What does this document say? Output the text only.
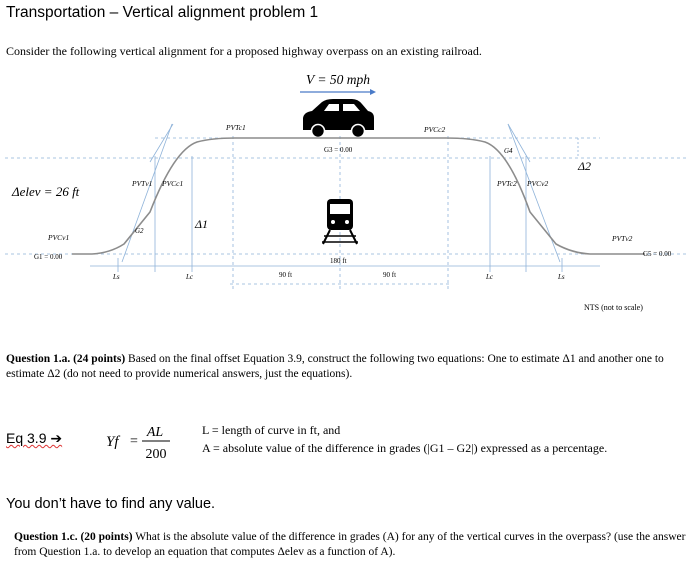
Transportation – Vertical alignment problem 1
Consider the following vertical alignment for a proposed highway overpass on an existing railroad.
V = 50 mph
PVTc1	PVCc2
G3 = 0.00
PVTv1 PVCc1	PVTc2 PVCv2
G4
G2
Δelev = 26 ft
Δ1
Δ2
PVCv1
G1 = 0.00
PVTv2
G5 = 0.00
180 ft
Ls	Lc	90 ft	90 ft	Lc	Ls
NTS (not to scale)
Question 1.a. (24 points) Based on the final offset Equation 3.9, construct the following two equations: One to estimate Δ1 and another one to estimate Δ2 (do not need to provide numerical answers, just the equations).
Eq 3.9 ➔	Yf =
AL
200
L = length of curve in ft, and
A = absolute value of the difference in grades (|G1 – G2|) expressed as a percentage.
You don’t have to find any value.
Question 1.c. (20 points) What is the absolute value of the difference in grades (A) for any of the vertical curves in the overpass? (use the answer from Question 1.a. to develop an equation that computes Δelev as a function of A).
